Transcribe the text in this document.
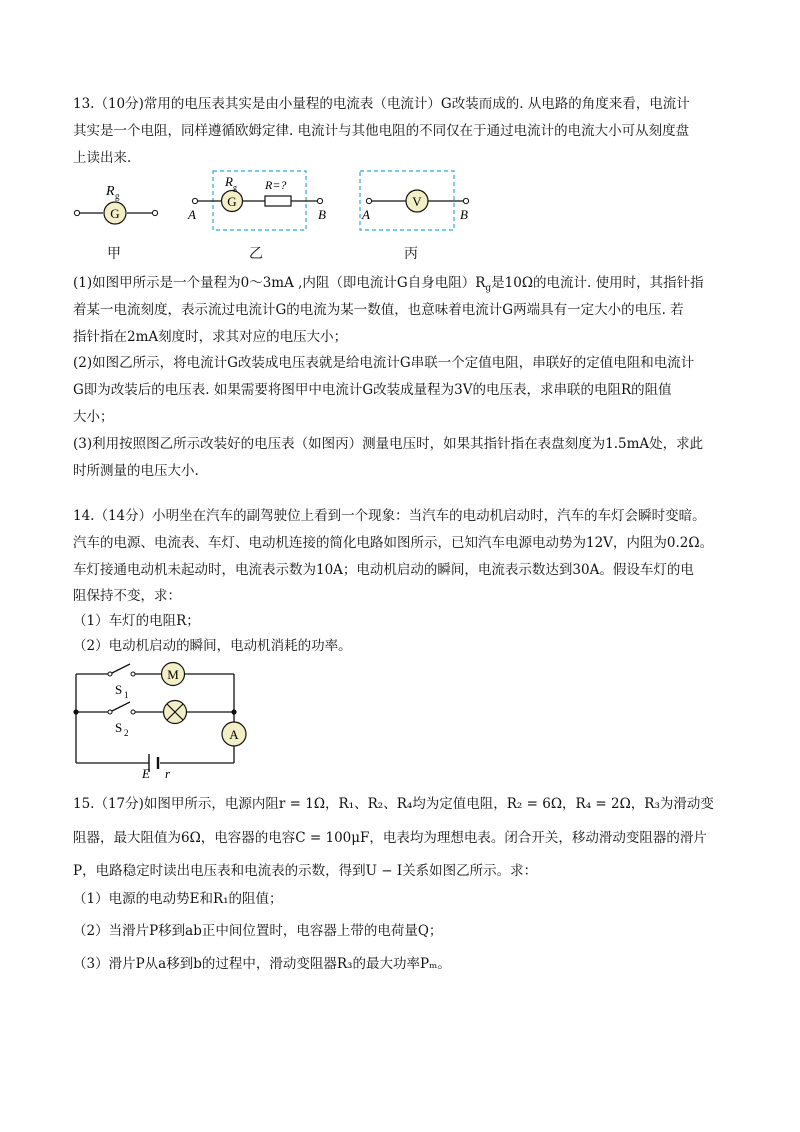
13.（10分)常用的电压表其实是由小量程的电流表（电流计）G改装而成的. 从电路的角度来看，电流计
其实是一个电阻，同样遵循欧姆定律. 电流计与其他电阻的不同仅在于通过电流计的电流大小可从刻度盘
上读出来.
R g
G
G
R g R=?
A	B
V
A	B
甲	乙	丙
(1)如图甲所示是一个量程为0～3mA ,内阻（即电流计G自身电阻）$R_g$是10Ω的电流计. 使用时，其指针指
着某一电流刻度，表示流过电流计G的电流为某一数值，也意味着电流计G两端具有一定大小的电压. 若
指针指在2mA刻度时，求其对应的电压大小；
(2)如图乙所示，将电流计G改装成电压表就是给电流计G串联一个定值电阻，串联好的定值电阻和电流计
G即为改装后的电压表. 如果需要将图甲中电流计G改装成量程为3V的电压表，求串联的电阻R的阻值
大小；
(3)利用按照图乙所示改装好的电压表（如图丙）测量电压时，如果其指针指在表盘刻度为1.5mA处，求此
时所测量的电压大小.
14.（14分）小明坐在汽车的副驾驶位上看到一个现象：当汽车的电动机启动时，汽车的车灯会瞬时变暗。
汽车的电源、电流表、车灯、电动机连接的简化电路如图所示，已知汽车电源电动势为12V，内阻为0.2Ω。
车灯接通电动机未起动时，电流表示数为10A；电动机启动的瞬间，电流表示数达到30A。假设车灯的电
阻保持不变，求：
（1）车灯的电阻R；
（2）电动机启动的瞬间，电动机消耗的功率。
M
A
S 1
S 2
E r
15.（17分)如图甲所示，电源内阻r = 1Ω，R₁、R₂、R₄均为定值电阻，R₂ = 6Ω，R₄ = 2Ω，R₃为滑动变
阻器，最大阻值为6Ω，电容器的电容C = 100μF，电表均为理想电表。闭合开关，移动滑动变阻器的滑片
P，电路稳定时读出电压表和电流表的示数，得到U − I关系如图乙所示。求：
（1）电源的电动势E和R₁的阻值；
（2）当滑片P移到ab正中间位置时，电容器上带的电荷量Q；
（3）滑片P从a移到b的过程中，滑动变阻器R₃的最大功率Pₘ。
